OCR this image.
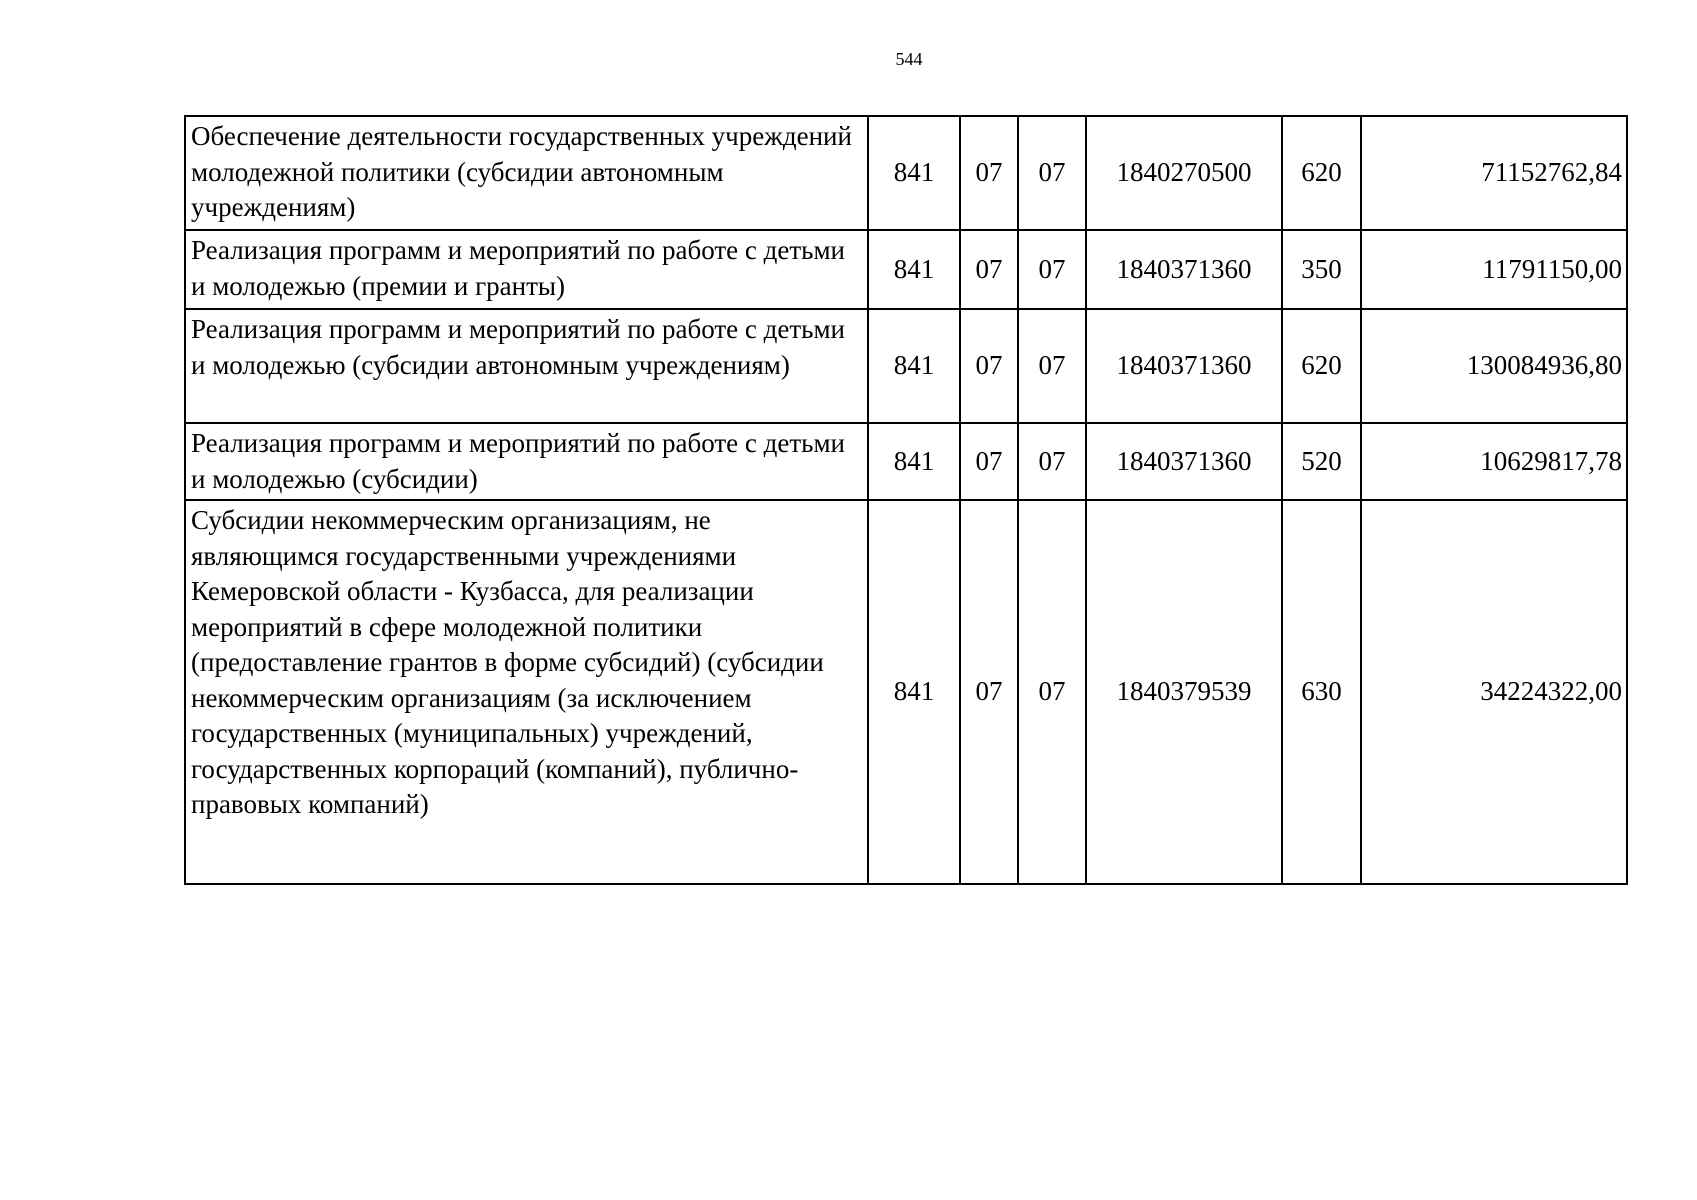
544
Обеспечение деятельности государственных учреждений молодежной политики (субсидии автономным учреждениям)	841	07	07	1840270500	620	71152762,84
Реализация программ и мероприятий по работе с детьми и молодежью (премии и гранты)	841	07	07	1840371360	350	11791150,00
Реализация программ и мероприятий по работе с детьми и молодежью (субсидии автономным учреждениям)	841	07	07	1840371360	620	130084936,80
Реализация программ и мероприятий по работе с детьми и молодежью (субсидии)	841	07	07	1840371360	520	10629817,78
Субсидии некоммерческим организациям, не являющимся государственными учреждениями Кемеровской области - Кузбасса, для реализации мероприятий в сфере молодежной политики (предоставление грантов в форме субсидий) (субсидии некоммерческим организациям (за исключением государственных (муниципальных) учреждений, государственных корпораций (компаний), публично-правовых компаний)	841	07	07	1840379539	630	34224322,00
